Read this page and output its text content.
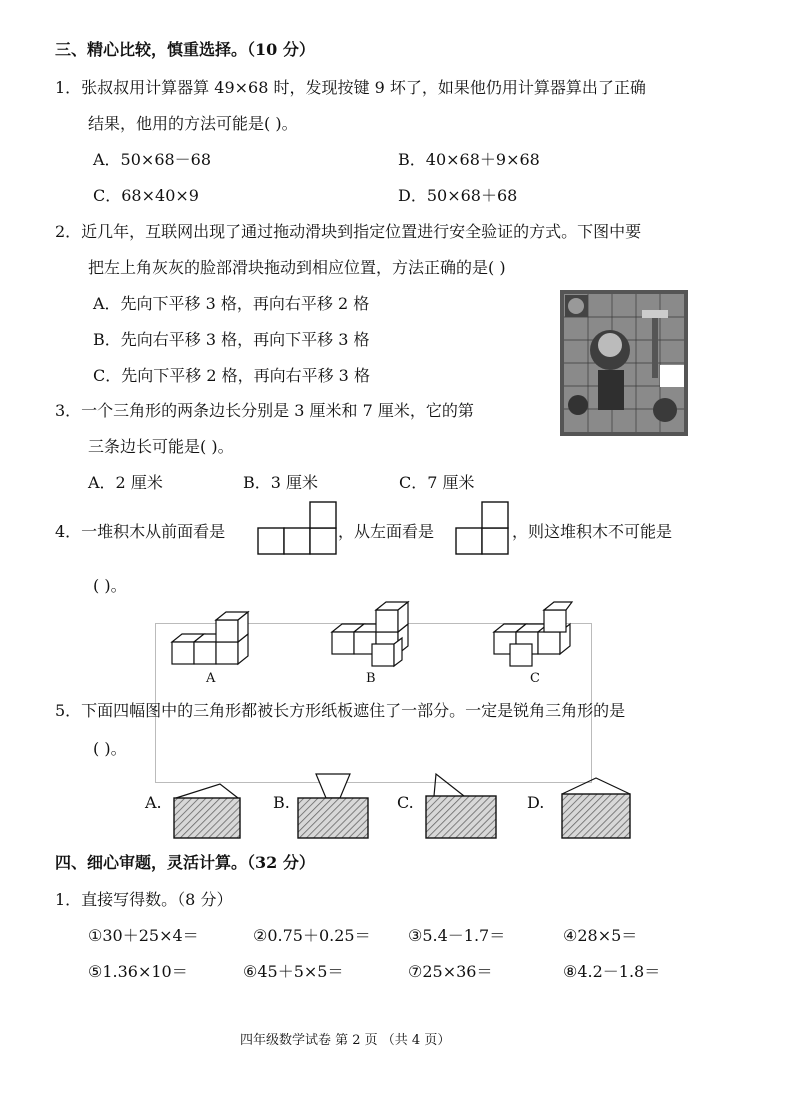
三、精心比较，慎重选择。（10 分）
1．张叔叔用计算器算 49×68 时，发现按键 9 坏了，如果他仍用计算器算出了正确
结果，他用的方法可能是( )。
A．50×68－68	B．40×68＋9×68
C．68×40×9	D．50×68＋68
2．近几年，互联网出现了通过拖动滑块到指定位置进行安全验证的方式。下图中要
把左上角灰灰的脸部滑块拖动到相应位置，方法正确的是( )
A．先向下平移 3 格，再向右平移 2 格
B．先向右平移 3 格，再向下平移 3 格
C．先向下平移 2 格，再向右平移 3 格
3．一个三角形的两条边长分别是 3 厘米和 7 厘米，它的第
三条边长可能是( )。
A．2 厘米	B．3 厘米	C．7 厘米
4．一堆积木从前面看是	，从左面看是	，则这堆积木不可能是
( )。
A	B	C
5．下面四幅图中的三角形都被长方形纸板遮住了一部分。一定是锐角三角形的是
( )。
A.	B.	C.	D.
四、细心审题，灵活计算。（32 分）
1．直接写得数。（8 分）
①30＋25×4＝	②0.75＋0.25＝ ③5.4－1.7＝	④28×5＝
⑤1.36×10＝	⑥45＋5×5＝	⑦25×36＝	⑧4.2－1.8＝
四年级数学试卷 第 2 页 （共 4 页）
